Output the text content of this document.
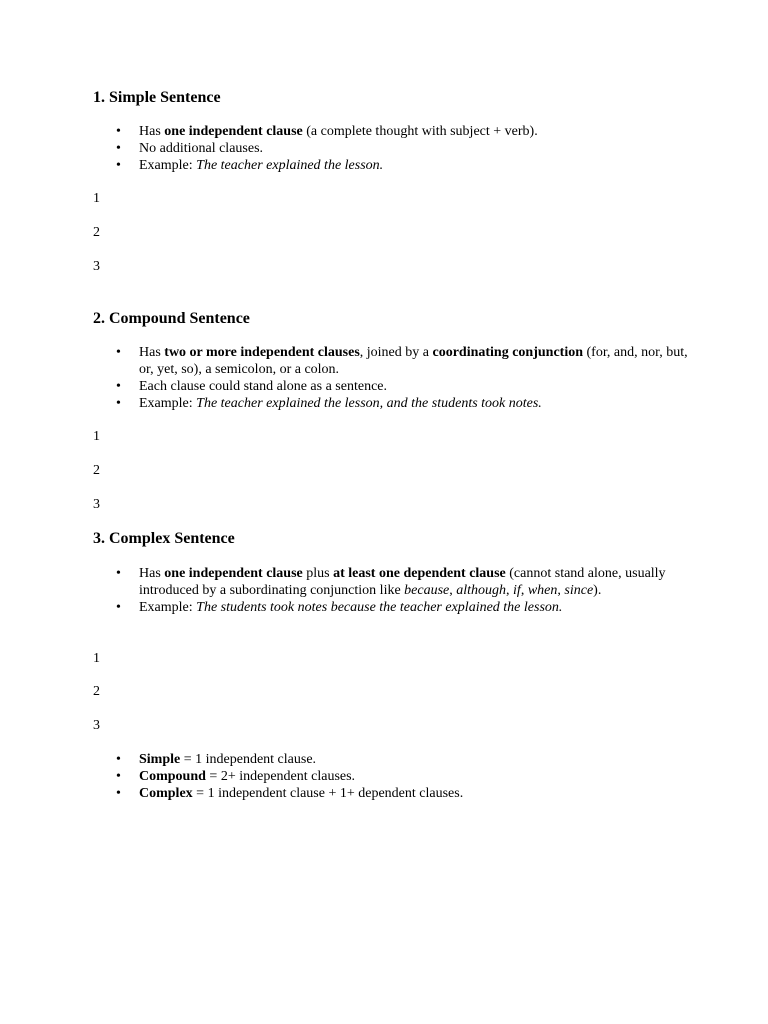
1. Simple Sentence
• Has one independent clause (a complete thought with subject + verb).
• No additional clauses.
• Example: The teacher explained the lesson.

1

2

3

2. Compound Sentence
• Has two or more independent clauses, joined by a coordinating conjunction (for, and, nor, but, or, yet, so), a semicolon, or a colon.
• Each clause could stand alone as a sentence.
• Example: The teacher explained the lesson, and the students took notes.

1

2

3

3. Complex Sentence
• Has one independent clause plus at least one dependent clause (cannot stand alone, usually introduced by a subordinating conjunction like because, although, if, when, since).
• Example: The students took notes because the teacher explained the lesson.

1

2

3

• Simple = 1 independent clause.
• Compound = 2+ independent clauses.
• Complex = 1 independent clause + 1+ dependent clauses.
